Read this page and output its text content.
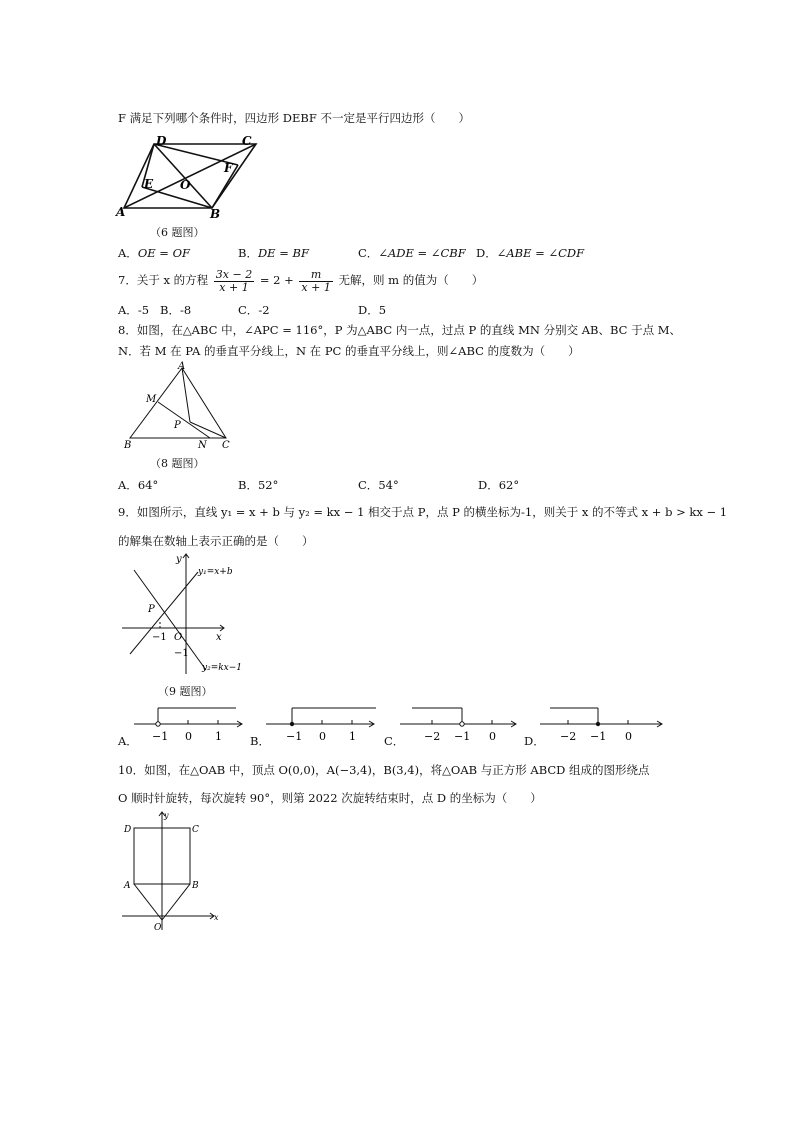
F 满足下列哪个条件时，四边形 DEBF 不一定是平行四边形（　　）
A	B
C
D
E
F
O
（6 题图）
A．OE = OF	B．DE = BF	C．∠ADE = ∠CBF D．∠ABE = ∠CDF
7．关于 x 的方程 $\frac{3x - 2}{x + 1} = 2 + \frac{m}{x + 1}$ 无解，则 m 的值为（　　）
A．-5 B．-8	C．-2	D．5
8．如图，在△ABC 中，∠APC = 116°，P 为△ABC 内一点，过点 P 的直线 MN 分别交 AB、BC 于点 M、
N．若 M 在 PA 的垂直平分线上，N 在 PC 的垂直平分线上，则∠ABC 的度数为（　　）
A
B	C
M
N
P
（8 题图）
A．64°	B．52°	C．54°	D．62°
9．如图所示，直线 y₁ = x + b 与 y₂ = kx − 1 相交于点 P，点 P 的横坐标为-1，则关于 x 的不等式 x + b > kx − 1
的解集在数轴上表示正确的是（　　）
y
x
O
P
−1
−1
y₁=x+b
y₂=kx−1
（9 题图）
A． −1 0 1 B． −1 0 1 C． −2 −1 0 D． −2 −1 0
10．如图，在△OAB 中，顶点 O(0,0)，A(−3,4)，B(3,4)，将△OAB 与正方形 ABCD 组成的图形绕点
O 顺时针旋转，每次旋转 90°，则第 2022 次旋转结束时，点 D 的坐标为（　　）
y
x
D	C
A	B
O
